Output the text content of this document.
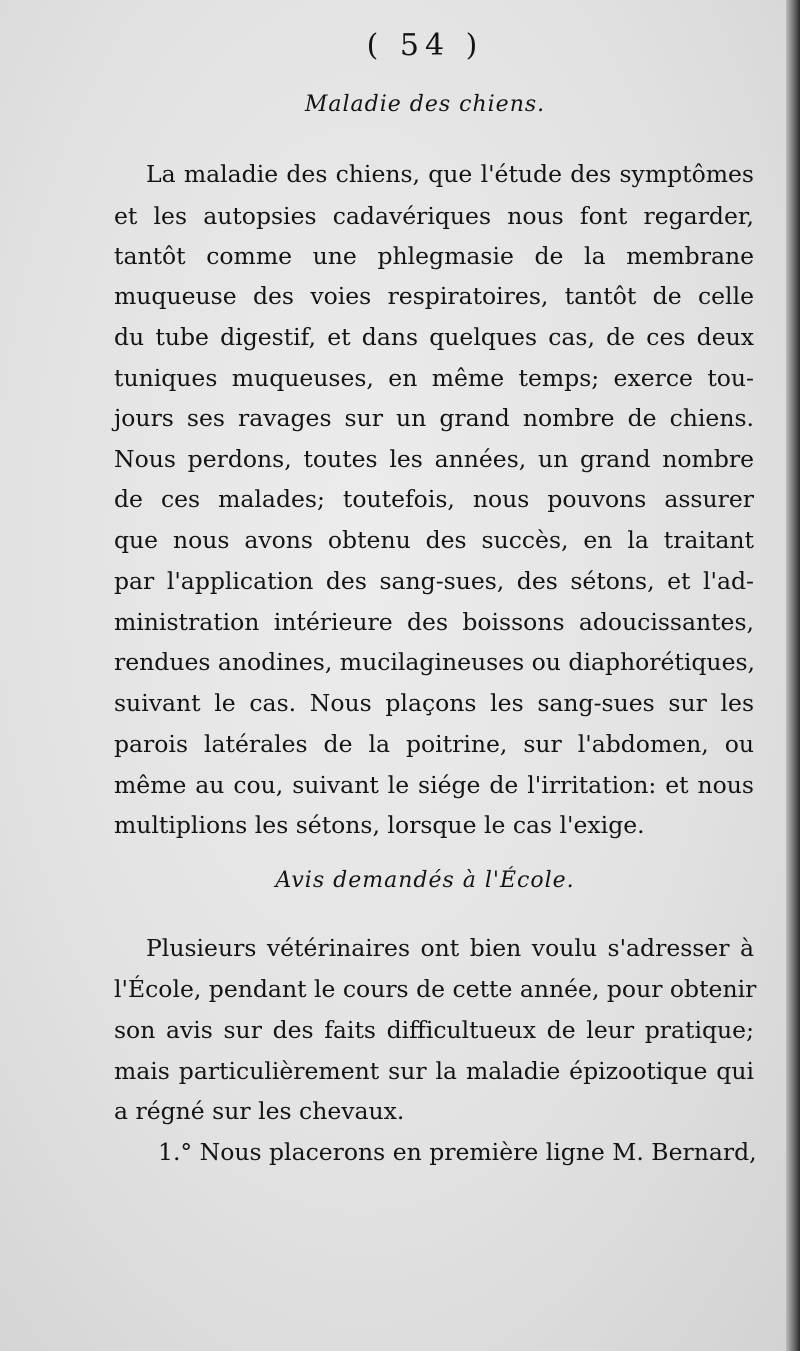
( 54 )
Maladie des chiens.
La maladie des chiens, que l'étude des symptômes
et les autopsies cadavériques nous font regarder,
tantôt comme une phlegmasie de la membrane
muqueuse des voies respiratoires, tantôt de celle
du tube digestif, et dans quelques cas, de ces deux
tuniques muqueuses, en même temps; exerce tou-
jours ses ravages sur un grand nombre de chiens.
Nous perdons, toutes les années, un grand nombre
de ces malades; toutefois, nous pouvons assurer
que nous avons obtenu des succès, en la traitant
par l'application des sang-sues, des sétons, et l'ad-
ministration intérieure des boissons adoucissantes,
rendues anodines, mucilagineuses ou diaphorétiques,
suivant le cas. Nous plaçons les sang-sues sur les
parois latérales de la poitrine, sur l'abdomen, ou
même au cou, suivant le siége de l'irritation: et nous
multiplions les sétons, lorsque le cas l'exige.
Avis demandés à l'École.
Plusieurs vétérinaires ont bien voulu s'adresser à
l'École, pendant le cours de cette année, pour obtenir
son avis sur des faits difficultueux de leur pratique;
mais particulièrement sur la maladie épizootique qui
a régné sur les chevaux.
1.° Nous placerons en première ligne M. Bernard,
